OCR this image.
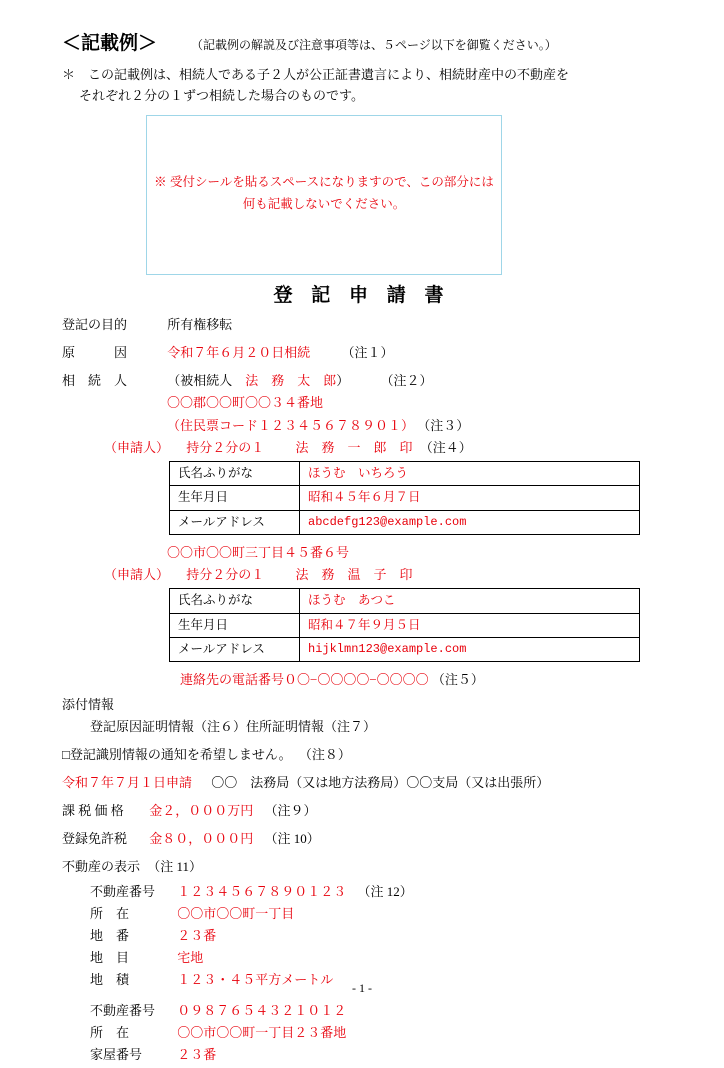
＜記載例＞	（記載例の解説及び注意事項等は、５ページ以下を御覧ください。）
＊　この記載例は、相続人である子２人が公正証書遺言により、相続財産中の不動産を
それぞれ２分の１ずつ相続した場合のものです。
※ 受付シールを貼るスペースになりますので、この部分には
何も記載しないでください。
登 記 申 請 書
登記の目的	所有権移転
原　　　因	令和７年６月２０日相続 （注１）
相　続　人	（被相続人　法　務　太　郎） （注２）
〇〇郡〇〇町〇〇３４番地
（住民票コード１２３４５６７８９０１） （注３）
（申請人） 持分２分の１ 法　務　一　郎　印 （注４）
氏名ふりがな	ほうむ　いちろう
生年月日	昭和４５年６月７日
メールアドレス	abcdefg123@example.com
〇〇市〇〇町三丁目４５番６号
（申請人） 持分２分の１ 法　務　温　子　印
氏名ふりがな	ほうむ　あつこ
生年月日	昭和４７年９月５日
メールアドレス	hijklmn123@example.com
連絡先の電話番号０〇−〇〇〇〇−〇〇〇〇 （注５）
添付情報
登記原因証明情報（注６）住所証明情報（注７）
□登記識別情報の通知を希望しません。 （注８）
令和７年７月１日申請 〇〇　法務局（又は地方法務局）〇〇支局（又は出張所）
課 税 価 格 金２，０００万円 （注９）
登録免許税 金８０，０００円 （注 10）
不動産の表示 （注 11）
不動産番号 １２３４５６７８９０１２３ （注 12）
所　在	〇〇市〇〇町一丁目
地　番	２３番
地　目	宅地
地　積	１２３・４５平方メートル
不動産番号 ０９８７６５４３２１０１２
所　在	〇〇市〇〇町一丁目２３番地
家屋番号	２３番
- 1 -
